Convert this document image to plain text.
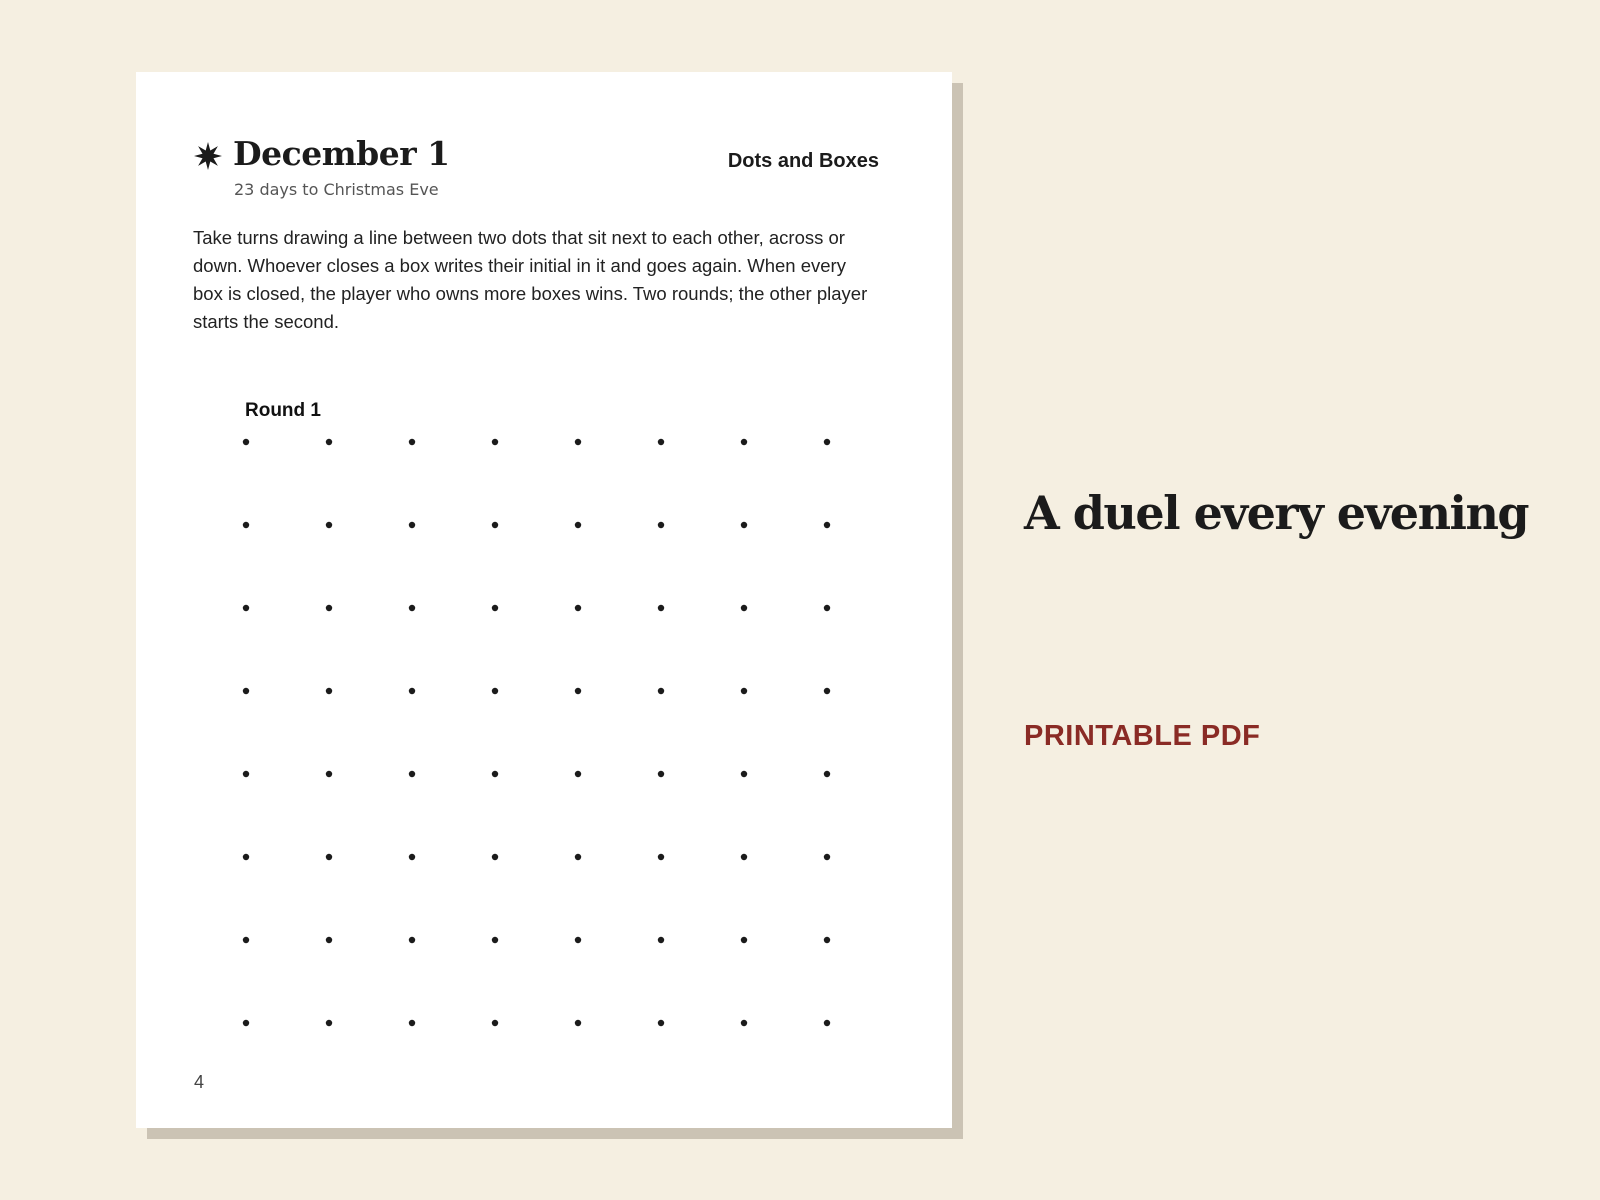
December 1
23 days to Christmas Eve
Dots and Boxes

Take turns drawing a line between two dots that sit next to each other, across or down. Whoever closes a box writes their initial in it and goes again. When every box is closed, the player who owns more boxes wins. Two rounds; the other player starts the second.

Round 1
4
A duel every evening
PRINTABLE PDF
